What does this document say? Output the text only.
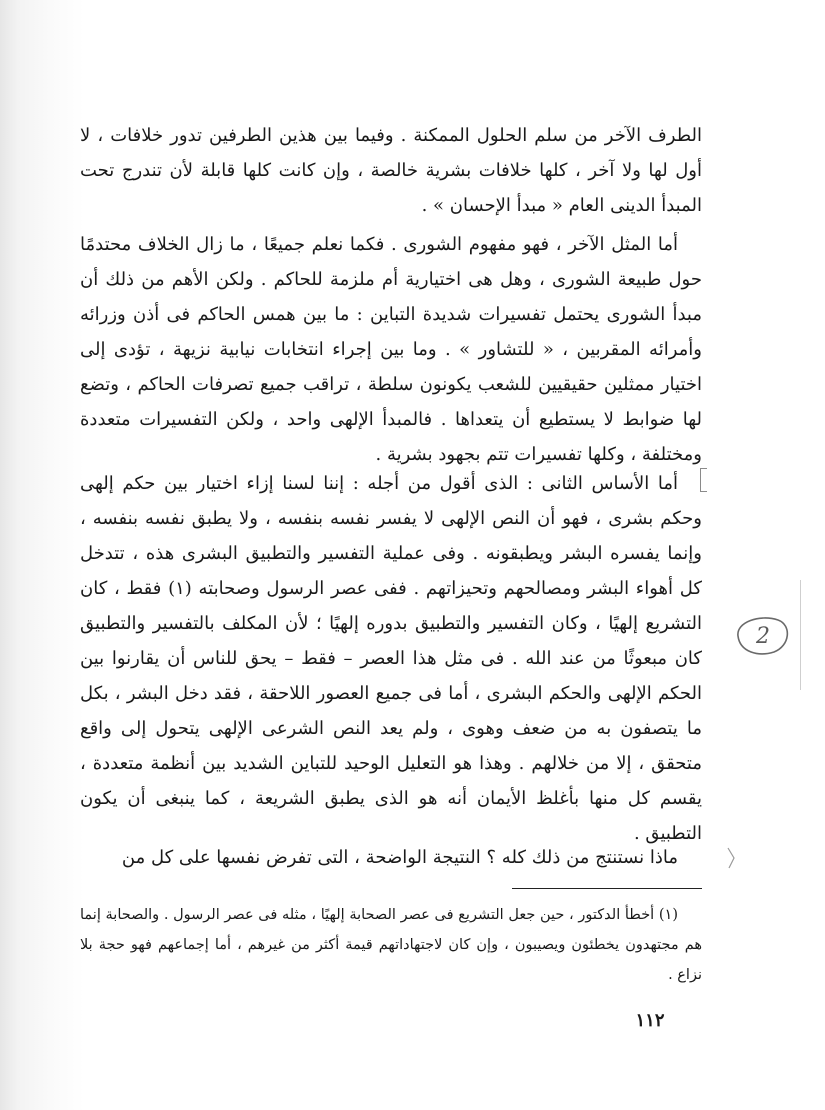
الطرف الآخر من سلم الحلول الممكنة . وفيما بين هذين الطرفين تدور خلافات ، لا أول لها ولا آخر ، كلها خلافات بشرية خالصة ، وإن كانت كلها قابلة لأن تندرج تحت المبدأ الدينى العام « مبدأ الإحسان » .

أما المثل الآخر ، فهو مفهوم الشورى . فكما نعلم جميعًا ، ما زال الخلاف محتدمًا حول طبيعة الشورى ، وهل هى اختيارية أم ملزمة للحاكم . ولكن الأهم من ذلك أن مبدأ الشورى يحتمل تفسيرات شديدة التباين : ما بين همس الحاكم فى أذن وزرائه وأمرائه المقربين ، « للتشاور » . وما بين إجراء انتخابات نيابية نزيهة ، تؤدى إلى اختيار ممثلين حقيقيين للشعب يكونون سلطة ، تراقب جميع تصرفات الحاكم ، وتضع لها ضوابط لا يستطيع أن يتعداها . فالمبدأ الإلهى واحد ، ولكن التفسيرات متعددة ومختلفة ، وكلها تفسيرات تتم بجهود بشرية .

أما الأساس الثانى : الذى أقول من أجله : إننا لسنا إزاء اختيار بين حكم إلهى وحكم بشرى ، فهو أن النص الإلهى لا يفسر نفسه بنفسه ، ولا يطبق نفسه بنفسه ، وإنما يفسره البشر ويطبقونه . وفى عملية التفسير والتطبيق البشرى هذه ، تتدخل كل أهواء البشر ومصالحهم وتحيزاتهم . ففى عصر الرسول وصحابته (١) فقط ، كان التشريع إلهيًا ، وكان التفسير والتطبيق بدوره إلهيًا ؛ لأن المكلف بالتفسير والتطبيق كان مبعوثًا من عند الله . فى مثل هذا العصر – فقط – يحق للناس أن يقارنوا بين الحكم الإلهى والحكم البشرى ، أما فى جميع العصور اللاحقة ، فقد دخل البشر ، بكل ما يتصفون به من ضعف وهوى ، ولم يعد النص الشرعى الإلهى يتحول إلى واقع متحقق ، إلا من خلالهم . وهذا هو التعليل الوحيد للتباين الشديد بين أنظمة متعددة ، يقسم كل منها بأغلظ الأيمان أنه هو الذى يطبق الشريعة ، كما ينبغى أن يكون التطبيق .

ماذا نستنتج من ذلك كله ؟ النتيجة الواضحة ، التى تفرض نفسها على كل من

(١) أخطأ الدكتور ، حين جعل التشريع فى عصر الصحابة إلهيًا ، مثله فى عصر الرسول . والصحابة إنما هم مجتهدون يخطئون ويصيبون ، وإن كان لاجتهاداتهم قيمة أكثر من غيرهم ، أما إجماعهم فهو حجة بلا نزاع .

١١٢
2
